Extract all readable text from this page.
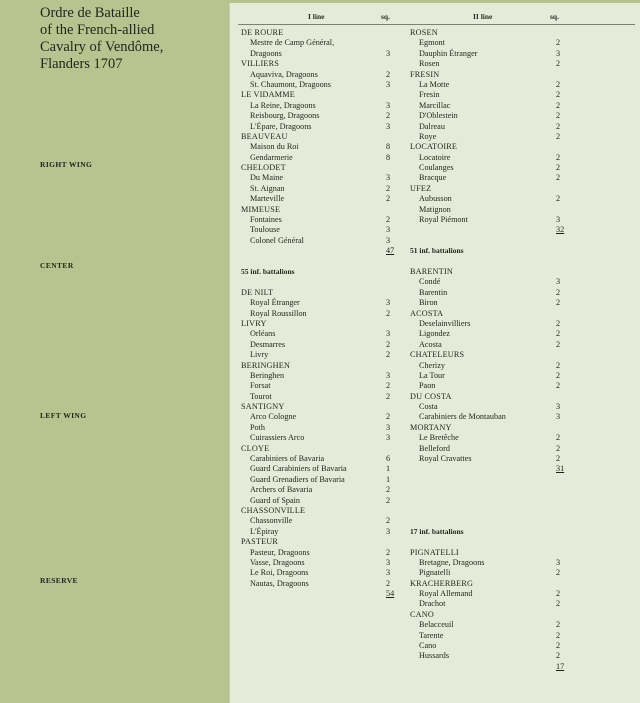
Ordre de Bataille
of the French-allied
Cavalry of Vendôme,
Flanders 1707
RIGHT WING
CENTER
LEFT WING
RESERVE
I line	sq.	II line	sq.
DE ROURE
Mestre de Camp Général,
Dragoons	3
VILLIERS
Aquaviva, Dragoons	2
St. Chaumont, Dragoons	3
LE VIDAMME
La Reine, Dragoons	3
Reisbourg, Dragoons	2
L'Épare, Dragoons	3
BEAUVEAU
Maison du Roi	8
Gendarmerie	8
CHELODET
Du Maine	3
St. Aignan	2
Marteville	2
MIMEUSE
Fontaines	2
Toulouse	3
Colonel Général	3
47
55 inf. battalions
DE NILT
Royal Étranger	3
Royal Roussillon	2
LIVRY
Orléans	3
Desmarres	2
Livry	2
BERINGHEN
Beringhen	3
Forsat	2
Tourot	2
SANTIGNY
Arco Cologne	2
Poth	3
Cuirassiers Arco	3
CLOYE
Carabiniers of Bavaria	6
Guard Carabiniers of Bavaria	1
Guard Grenadiers of Bavaria	1
Archers of Bavaria	2
Guard of Spain	2
CHASSONVILLE
Chassonville	2
L'Épiray	3
PASTEUR
Pasteur, Dragoons	2
Vasse, Dragoons	3
Le Roi, Dragoons	3
Nautas, Dragoons	2
54
ROSEN
Egmont	2
Dauphin Étranger	3
Rosen	2
FRESIN
La Motte	2
Fresin	2
Marcillac	2
D'Oblestein	2
Dalreau	2
Roye	2
LOCATOIRE
Locatoire	2
Coulanges	2
Bracque	2
UFEZ
Aubusson	2
Matignon
Royal Piémont	3
32
51 inf. battalions
BARENTIN
Condé	3
Barentin	2
Biron	2
ACOSTA
Deselainvilliers	2
Ligondez	2
Acosta	2
CHATELEURS
Cherizy	2
La Tour	2
Paon	2
DU COSTA
Costa	3
Carabiniers de Montauban	3
MORTANY
Le Bretêche	2
Belleford	2
Royal Cravattes	2
31
17 inf. battalions
PIGNATELLI
Bretagne, Dragoons	3
Pignatelli	2
KRACHERBERG
Royal Allemand	2
Drachot	2
CANO
Belacceuil	2
Tarente	2
Cano	2
Hussards	2
17
